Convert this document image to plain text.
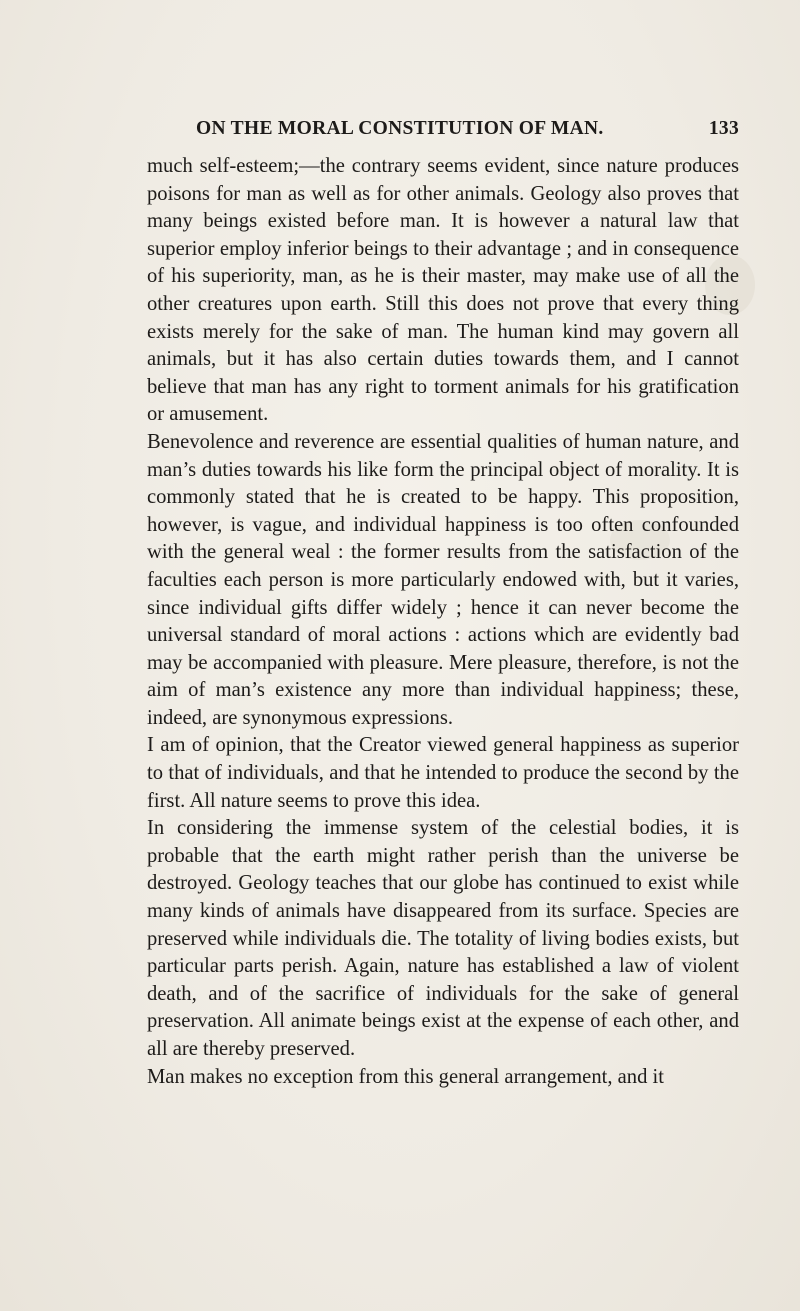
ON THE MORAL CONSTITUTION OF MAN.	133

much self-esteem;—the contrary seems evident, since nature produces poisons for man as well as for other animals. Geology also proves that many beings existed before man. It is however a natural law that superior employ inferior beings to their advantage ; and in consequence of his superiority, man, as he is their master, may make use of all the other creatures upon earth. Still this does not prove that every thing exists merely for the sake of man. The human kind may govern all animals, but it has also certain duties towards them, and I cannot believe that man has any right to torment animals for his gratification or amusement.

Benevolence and reverence are essential qualities of human nature, and man’s duties towards his like form the principal object of morality. It is commonly stated that he is created to be happy. This proposition, however, is vague, and individual happiness is too often confounded with the general weal : the former results from the satisfaction of the faculties each person is more particularly endowed with, but it varies, since individual gifts differ widely ; hence it can never become the universal standard of moral actions : actions which are evidently bad may be accompanied with pleasure. Mere pleasure, therefore, is not the aim of man’s existence any more than individual happiness; these, indeed, are synonymous expressions.

I am of opinion, that the Creator viewed general happiness as superior to that of individuals, and that he intended to produce the second by the first. All nature seems to prove this idea.

In considering the immense system of the celestial bodies, it is probable that the earth might rather perish than the universe be destroyed. Geology teaches that our globe has continued to exist while many kinds of animals have disappeared from its surface. Species are preserved while individuals die. The totality of living bodies exists, but particular parts perish. Again, nature has established a law of violent death, and of the sacrifice of individuals for the sake of general preservation. All animate beings exist at the expense of each other, and all are thereby preserved.

Man makes no exception from this general arrangement, and it
